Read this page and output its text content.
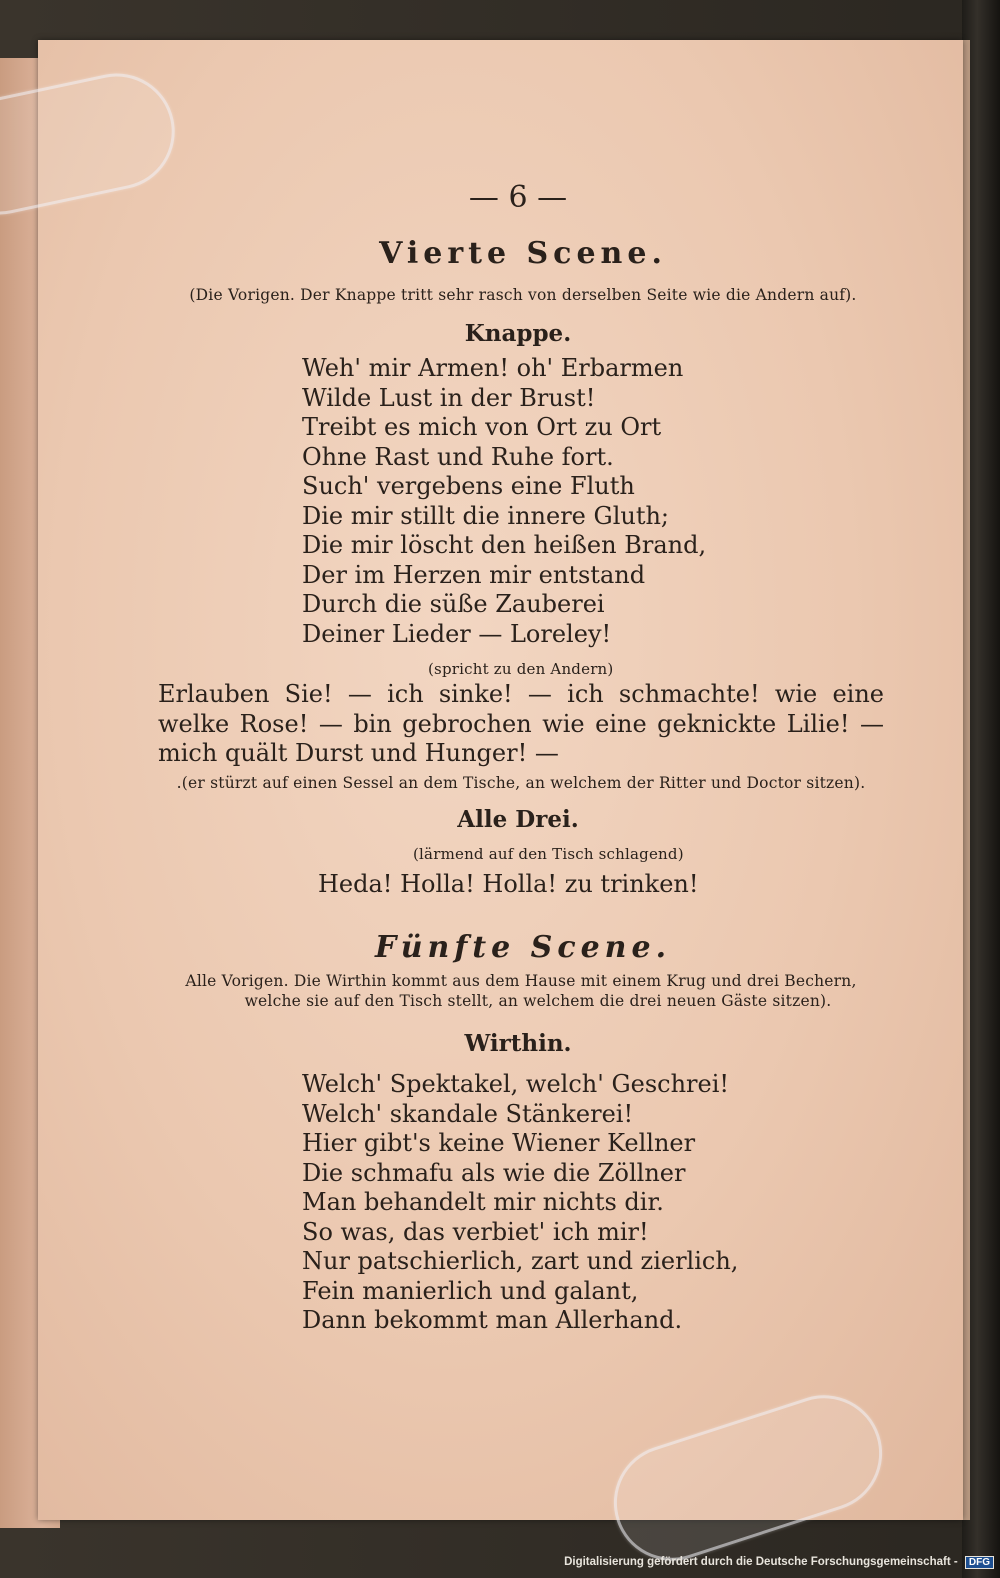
— 6 —
Vierte Scene.
(Die Vorigen. Der Knappe tritt sehr rasch von derselben Seite wie die Andern auf).
Knappe.
Weh' mir Armen! oh' Erbarmen
Wilde Lust in der Brust!
Treibt es mich von Ort zu Ort
Ohne Rast und Ruhe fort.
Such' vergebens eine Fluth
Die mir stillt die innere Gluth;
Die mir löscht den heißen Brand,
Der im Herzen mir entstand
Durch die süße Zauberei
Deiner Lieder — Loreley!
(spricht zu den Andern)
Erlauben Sie! — ich sinke! — ich schmachte! wie eine
welke Rose! — bin gebrochen wie eine geknickte Lilie! —
mich quält Durst und Hunger! —
.(er stürzt auf einen Sessel an dem Tische, an welchem der Ritter und Doctor sitzen).
Alle Drei.
(lärmend auf den Tisch schlagend)
Heda! Holla! Holla! zu trinken!
Fünfte Scene.
Alle Vorigen. Die Wirthin kommt aus dem Hause mit einem Krug und drei Bechern,
welche sie auf den Tisch stellt, an welchem die drei neuen Gäste sitzen).
Wirthin.
Welch' Spektakel, welch' Geschrei!
Welch' skandale Stänkerei!
Hier gibt's keine Wiener Kellner
Die schmafu als wie die Zöllner
Man behandelt mir nichts dir.
So was, das verbiet' ich mir!
Nur patschierlich, zart und zierlich,
Fein manierlich und galant,
Dann bekommt man Allerhand.
Digitalisierung gefördert durch die Deutsche Forschungsgemeinschaft - DFG
